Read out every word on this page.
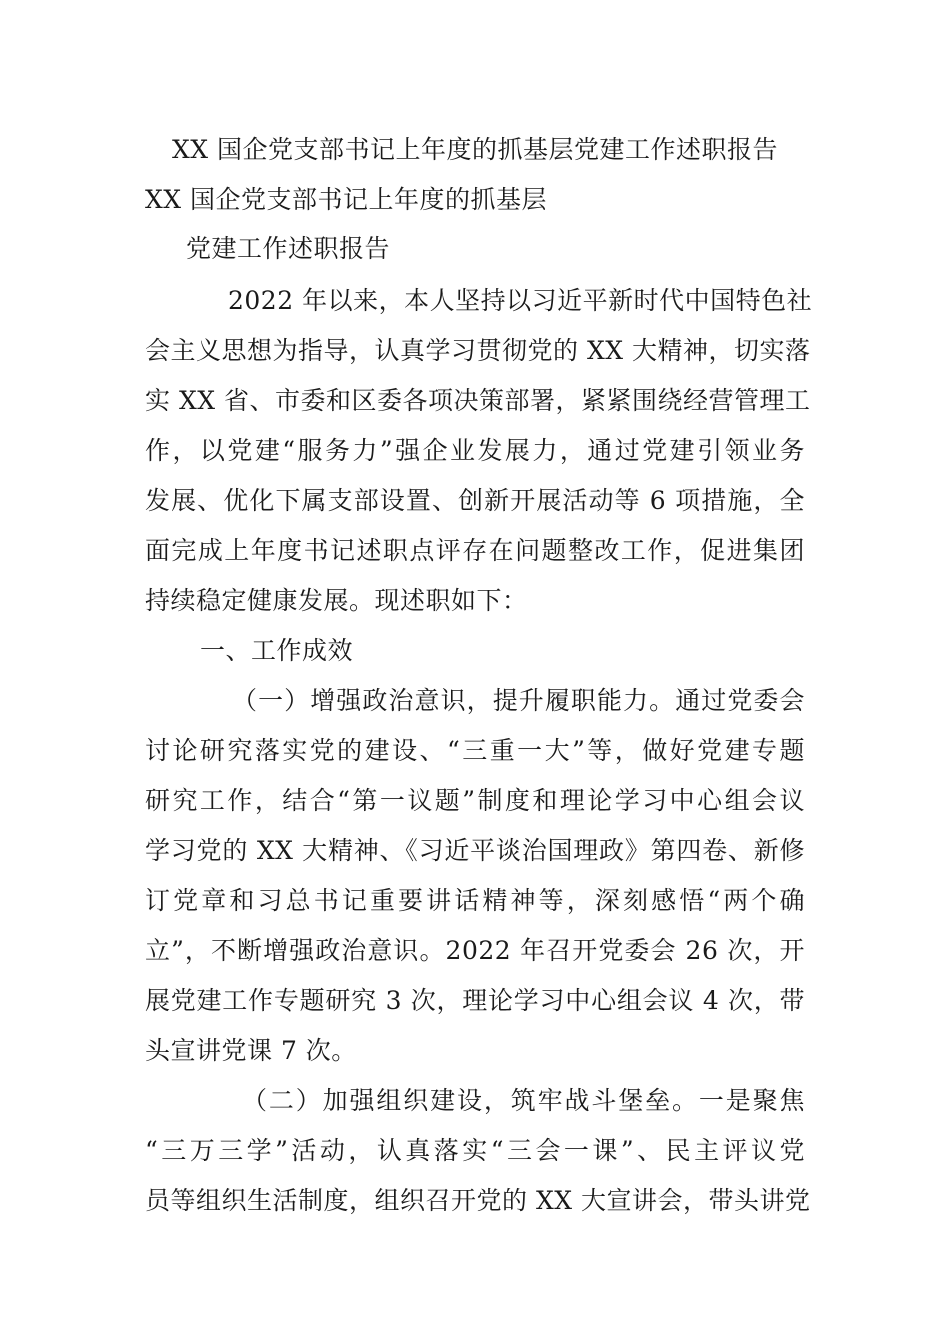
XX 国企党支部书记上年度的抓基层党建工作述职报告
XX 国企党支部书记上年度的抓基层
党建工作述职报告
2022 年以来，本人坚持以习近平新时代中国特色社
会主义思想为指导，认真学习贯彻党的 XX 大精神，切实落
实 XX 省、市委和区委各项决策部署，紧紧围绕经营管理工
作，以党建“服务力”强企业发展力，通过党建引领业务
发展、优化下属支部设置、创新开展活动等 6 项措施，全
面完成上年度书记述职点评存在问题整改工作，促进集团
持续稳定健康发展。现述职如下：
一、工作成效
（一）增强政治意识，提升履职能力。通过党委会
讨论研究落实党的建设、“三重一大”等，做好党建专题
研究工作，结合“第一议题”制度和理论学习中心组会议
学习党的 XX 大精神、《习近平谈治国理政》第四卷、新修
订党章和习总书记重要讲话精神等，深刻感悟“两个确
立”，不断增强政治意识。2022 年召开党委会 26 次，开
展党建工作专题研究 3 次，理论学习中心组会议 4 次，带
头宣讲党课 7 次。
（二）加强组织建设，筑牢战斗堡垒。一是聚焦
“三万三学”活动，认真落实“三会一课”、民主评议党
员等组织生活制度，组织召开党的 XX 大宣讲会，带头讲党
